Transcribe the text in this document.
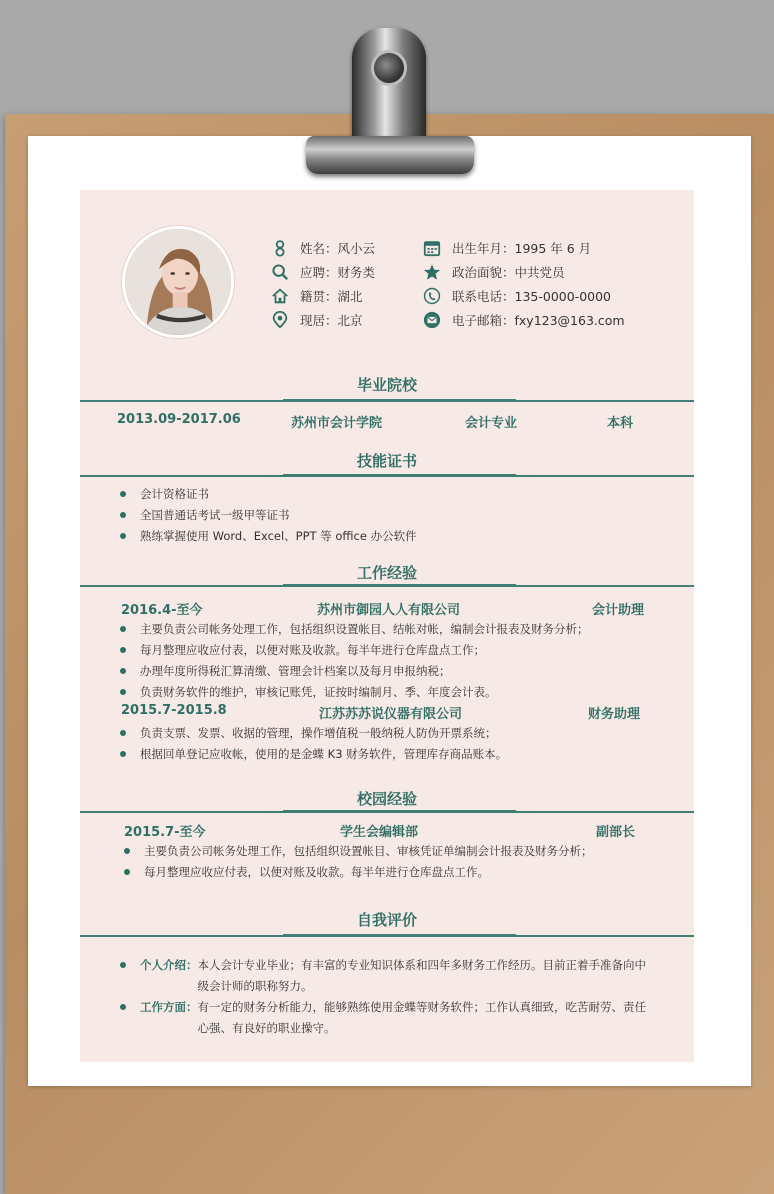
姓名：风小云
应聘：财务类
籍贯：湖北
现居：北京
出生年月：1995 年 6 月
政治面貌：中共党员
联系电话：135-0000-0000
电子邮箱：fxy123@163.com
毕业院校
2013.09-2017.06	苏州市会计学院	会计专业	本科
技能证书
会计资格证书
全国普通话考试一级甲等证书
熟练掌握使用 Word、Excel、PPT 等 office 办公软件
工作经验
2016.4-至今	苏州市御园人人有限公司	会计助理
主要负责公司帐务处理工作，包括组织设置帐目、结帐对帐，编制会计报表及财务分析；
每月整理应收应付表，以便对账及收款。每半年进行仓库盘点工作；
办理年度所得税汇算清缴、管理会计档案以及每月申报纳税；
负责财务软件的维护，审核记账凭，证按时编制月、季、年度会计表。
2015.7-2015.8	江苏苏苏说仪器有限公司	财务助理
负责支票、发票、收据的管理，操作增值税一般纳税人防伪开票系统；
根据回单登记应收帐，使用的是金蝶 K3 财务软件，管理库存商品账本。
校园经验
2015.7-至今	学生会编辑部	副部长
主要负责公司帐务处理工作，包括组织设置帐目、审核凭证单编制会计报表及财务分析；
每月整理应收应付表，以便对账及收款。每半年进行仓库盘点工作。
自我评价
个人介绍： 本人会计专业毕业；有丰富的专业知识体系和四年多财务工作经历。目前正着手准备向中级会计师的职称努力。
工作方面： 有一定的财务分析能力，能够熟练使用金蝶等财务软件；工作认真细致，吃苦耐劳、责任心强、有良好的职业操守。
